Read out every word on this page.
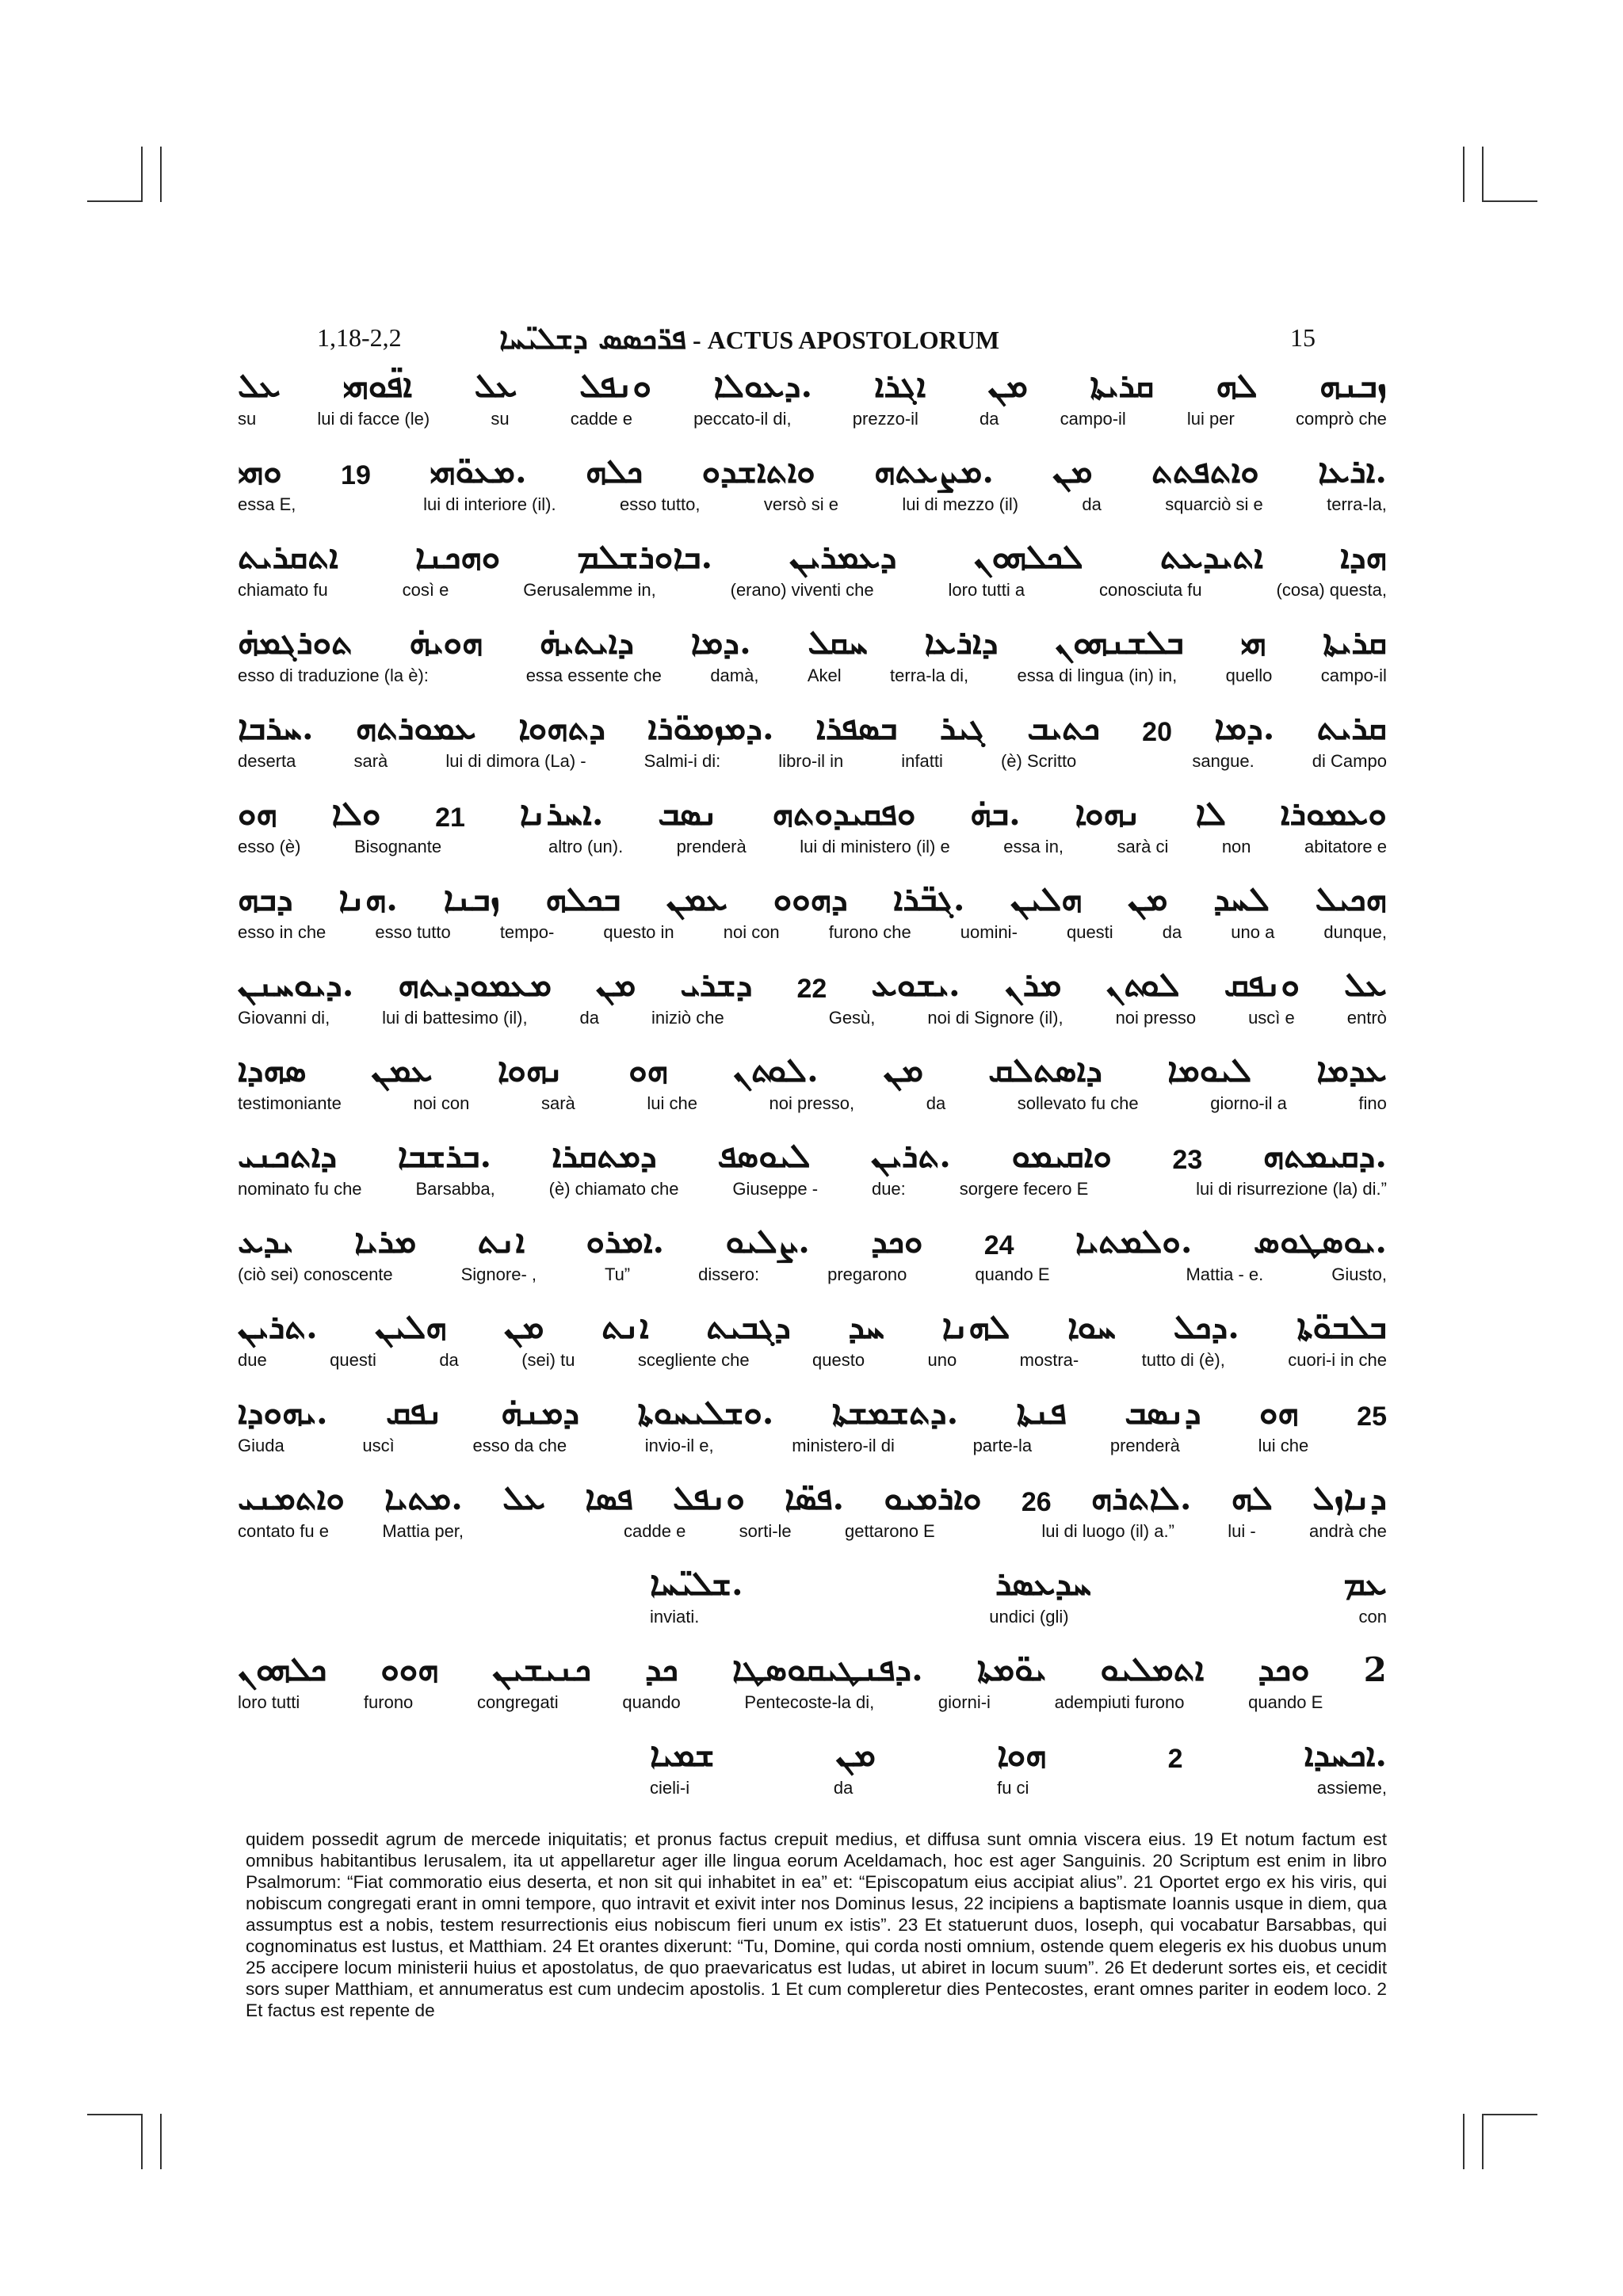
1,18-2,2	ܦܪ̈ܟܣܣ ܕܫܠܝ̈ܚܐ - ACTUS APOSTOLORUM	15
ܙܒܢܗ
ܠܗ
ܩܪܝܬܐ
ܡܢ
ܐܓܪܐ
ܕܥܘܠܐ.
ܘܢܦܠ
ܥܠ
ܐܦ̈ܘܗܝ
ܥܠ
comprò che
lui per
campo-il
da
prezzo-il
peccato-il di,
cadde e
su
lui di facce (le)
su
ܐܪܥܐ.
ܘܐܬܦܬܬ
ܡܢ
ܡܨܥܬܗ.
ܘܐܬܐܫܕܘ
ܟܠܗ
ܡܥܘ̈ܗܝ.
19
ܘܗܝ
terra-la,
squarciò si e
da
lui di mezzo (il)
versò si e
esso tutto,
lui di interiore (il).
essa E,
ܗܕܐ
ܐܬܝܕܥܬ
ܠܟܠܗܘܢ
ܕܥܡܪܝܢ
ܒܐܘܪܫܠܡ.
ܘܗܟܢܐ
ܐܬܩܪܝܬ
(cosa) questa,
conosciuta fu
loro tutti a
(erano) viventi che
Gerusalemme in,
così e
chiamato fu
ܩܪܝܬܐ
ܗܝ
ܒܠܫܢܗܘܢ
ܕܐܪܥܐ
ܚܩܠ
ܕܡܐ.
ܕܐܝܬܝܗ̇
ܗܘܝܗ̇
ܬܘܪܓܡܗ̇
campo-il
quello
essa di lingua (in) in,
terra-la di,
Akel
damà,
essa essente che
esso di traduzione (la è):
ܩܪܝܬ
ܕܡܐ.
20
ܟܬܝܒ
ܓܝܪ
ܒܣܦܪܐ
ܕܡܙܡܘ̈ܪܐ.
ܕܬܗܘܐ
ܥܡܘܪܬܗ
ܚܪܒܐ.
di Campo
sangue.
(è) Scritto
infatti
libro-il in
Salmi-i di:
lui di dimora (La) -
sarà
deserta
ܘܥܡܘܪܐ
ܠܐ
ܢܗܘܐ
ܒܗ̇.
ܘܦܩܝܕܘܬܗ
ܢܣܒ
ܐܚܪܢܐ.
21
ܘܠܐ
ܗܘ
abitatore e
non
sarà ci
essa in,
lui di ministero (il) e
prenderà
altro (un).
Bisognante
esso (è)
ܗܟܝܠ
ܠܚܕ
ܡܢ
ܗܠܝܢ
ܓܒ̈ܪܐ.
ܕܗܘܘ
ܥܡܢ
ܒܟܠܗ
ܙܒܢܐ
ܗܢܐ.
ܕܒܗ
dunque,
uno a
da
questi
uomini-
furono che
noi con
questo in
tempo-
esso tutto
esso in che
ܥܠ
ܘܢܦܩ
ܠܘܬܢ
ܡܪܢ
ܝܫܘܥ.
22
ܕܫܪܝ
ܡܢ
ܡܥܡܘܕܝܬܗ
ܕܝܘܚܢܢ.
entrò
uscì e
noi presso
noi di Signore (il),
Gesù,
iniziò che
da
lui di battesimo (il),
Giovanni di,
ܥܕܡܐ
ܠܝܘܡܐ
ܕܐܣܬܠܩ
ܡܢ
ܠܘܬܢ.
ܗܘ
ܢܗܘܐ
ܥܡܢ
ܣܗܕܐ
fino
giorno-il a
sollevato fu che
da
noi presso,
lui che
sarà
noi con
testimoniante
ܕܩܝܡܬܗ.
23
ܘܐܩܝܡܘ
ܬܪܝܢ.
ܠܝܘܣܦ
ܕܡܬܩܪܐ
ܒܪܫܒܐ.
ܕܐܬܟܢܝ
lui di risurrezione (la) di.”
sorgere fecero E
due:
Giuseppe -
(è) chiamato che
Barsabba,
nominato fu che
ܝܘܣܛܘܣ.
ܘܠܡܬܝܐ.
24
ܘܟܕ
ܨܠܝܘ.
ܐܡܪܘ.
ܐܢܬ
ܡܪܝܐ
ܝܕܥ
Giusto,
Mattia - e.
quando E
pregarono
dissero:
Tu”
Signore- ,
(ciò sei) conoscente
ܒܠܒܘ̈ܬܐ
ܕܟܠ.
ܚܘܐ
ܠܗܢܐ
ܚܕ
ܕܓܒܝܬ
ܐܢܬ
ܡܢ
ܗܠܝܢ
ܬܪܝܢ.
cuori-i in che
tutto di (è),
mostra-
uno
questo
scegliente che
(sei) tu
da
questi
due
25
ܗܘ
ܕܢܣܒ
ܦܢܬܐ
ܕܬܫܡܫܬܐ.
ܘܫܠܝܚܘܬܐ.
ܕܡܢܗ̇
ܢܦܩ
ܝܗܘܕܐ.
lui che
prenderà
parte-la
ministero-il di
invio-il e,
esso da che
uscì
Giuda
ܕܢܐܙܠ
ܠܗ
ܠܐܬܪܗ.
26
ܘܐܪܡܝܘ
ܦܣ̈ܐ.
ܘܢܦܠ
ܦܣܐ
ܥܠ
ܡܬܝܐ.
ܘܐܬܡܢܝ
andrà che
lui -
lui di luogo (il) a.”
gettarono E
sorti-le
cadde e
Mattia per,
contato fu e
ܥܡ
ܚܕܥܣܪ
ܫܠܝ̈ܚܐ.
con
undici (gli)
inviati.
2
ܘܟܕ
ܐܬܡܠܝܘ
ܝܘ̈ܡܬܐ
ܕܦܢܛܝܩܘܣܛܐ.
ܟܕ
ܟܢܝܫܝܢ
ܗܘܘ
ܟܠܗܘܢ
quando E
adempiuti furono
giorni-i
Pentecoste-la di,
quando
congregati
furono
loro tutti
ܐܟܚܕܐ.
2
ܗܘܐ
ܡܢ
ܫܡܝܐ
assieme,
fu ci
da
cieli-i
quidem possedit agrum de mercede iniquitatis; et pronus factus crepuit medius, et diffusa sunt omnia viscera eius. 19 Et notum factum est omnibus habitantibus Ierusalem, ita ut appellaretur ager ille lingua eorum Aceldamach, hoc est ager Sanguinis. 20 Scriptum est enim in libro Psalmorum: “Fiat commoratio eius deserta, et non sit qui inhabitet in ea” et: “Episcopatum eius accipiat alius”. 21 Oportet ergo ex his viris, qui nobiscum congregati erant in omni tempore, quo intravit et exivit inter nos Dominus Iesus, 22 incipiens a baptismate Ioannis usque in diem, qua assumptus est a nobis, testem resurrectionis eius nobiscum fieri unum ex istis”. 23 Et statuerunt duos, Ioseph, qui vocabatur Barsabbas, qui cognominatus est Iustus, et Matthiam. 24 Et orantes dixerunt: “Tu, Domine, qui corda nosti omnium, ostende quem elegeris ex his duobus unum 25 accipere locum ministerii huius et apostolatus, de quo praevaricatus est Iudas, ut abiret in locum suum”. 26 Et dederunt sortes eis, et cecidit sors super Matthiam, et annumeratus est cum undecim apostolis. 1 Et cum compleretur dies Pentecostes, erant omnes pariter in eodem loco. 2 Et factus est repente de
